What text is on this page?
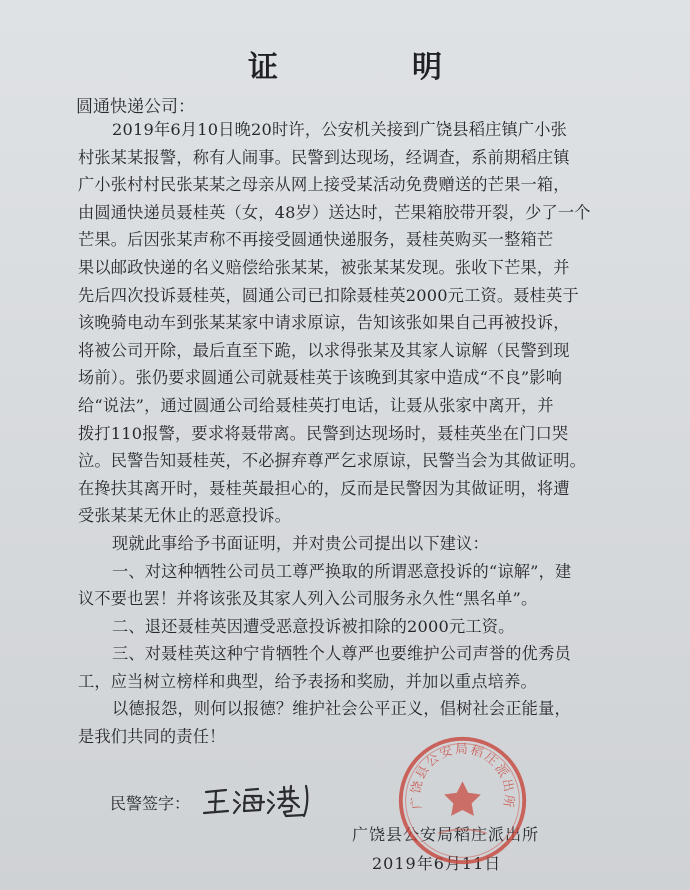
证　明
圆通快递公司：
2019年6月10日晚20时许，公安机关接到广饶县稻庄镇广小张
村张某某报警，称有人闹事。民警到达现场，经调查，系前期稻庄镇
广小张村村民张某某之母亲从网上接受某活动免费赠送的芒果一箱，
由圆通快递员聂桂英（女，48岁）送达时，芒果箱胶带开裂，少了一个
芒果。后因张某声称不再接受圆通快递服务，聂桂英购买一整箱芒
果以邮政快递的名义赔偿给张某某，被张某某发现。张收下芒果，并
先后四次投诉聂桂英，圆通公司已扣除聂桂英2000元工资。聂桂英于
该晚骑电动车到张某某家中请求原谅，告知该张如果自己再被投诉，
将被公司开除，最后直至下跪，以求得张某及其家人谅解（民警到现
场前）。张仍要求圆通公司就聂桂英于该晚到其家中造成“不良”影响
给“说法”，通过圆通公司给聂桂英打电话，让聂从张家中离开，并
拨打110报警，要求将聂带离。民警到达现场时，聂桂英坐在门口哭
泣。民警告知聂桂英，不必摒弃尊严乞求原谅，民警当会为其做证明。
在搀扶其离开时，聂桂英最担心的，反而是民警因为其做证明，将遭
受张某某无休止的恶意投诉。
现就此事给予书面证明，并对贵公司提出以下建议：
一、对这种牺牲公司员工尊严换取的所谓恶意投诉的“谅解”，建
议不要也罢！并将该张及其家人列入公司服务永久性“黑名单”。
二、退还聂桂英因遭受恶意投诉被扣除的2000元工资。
三、对聂桂英这种宁肯牺牲个人尊严也要维护公司声誉的优秀员
工，应当树立榜样和典型，给予表扬和奖励，并加以重点培养。
以德报怨，则何以报德？维护社会公平正义，倡树社会正能量，
是我们共同的责任！
民警签字：
广饶县公安局稻庄派出所
2019年6月11日
广饶县公安局稻庄派出所
